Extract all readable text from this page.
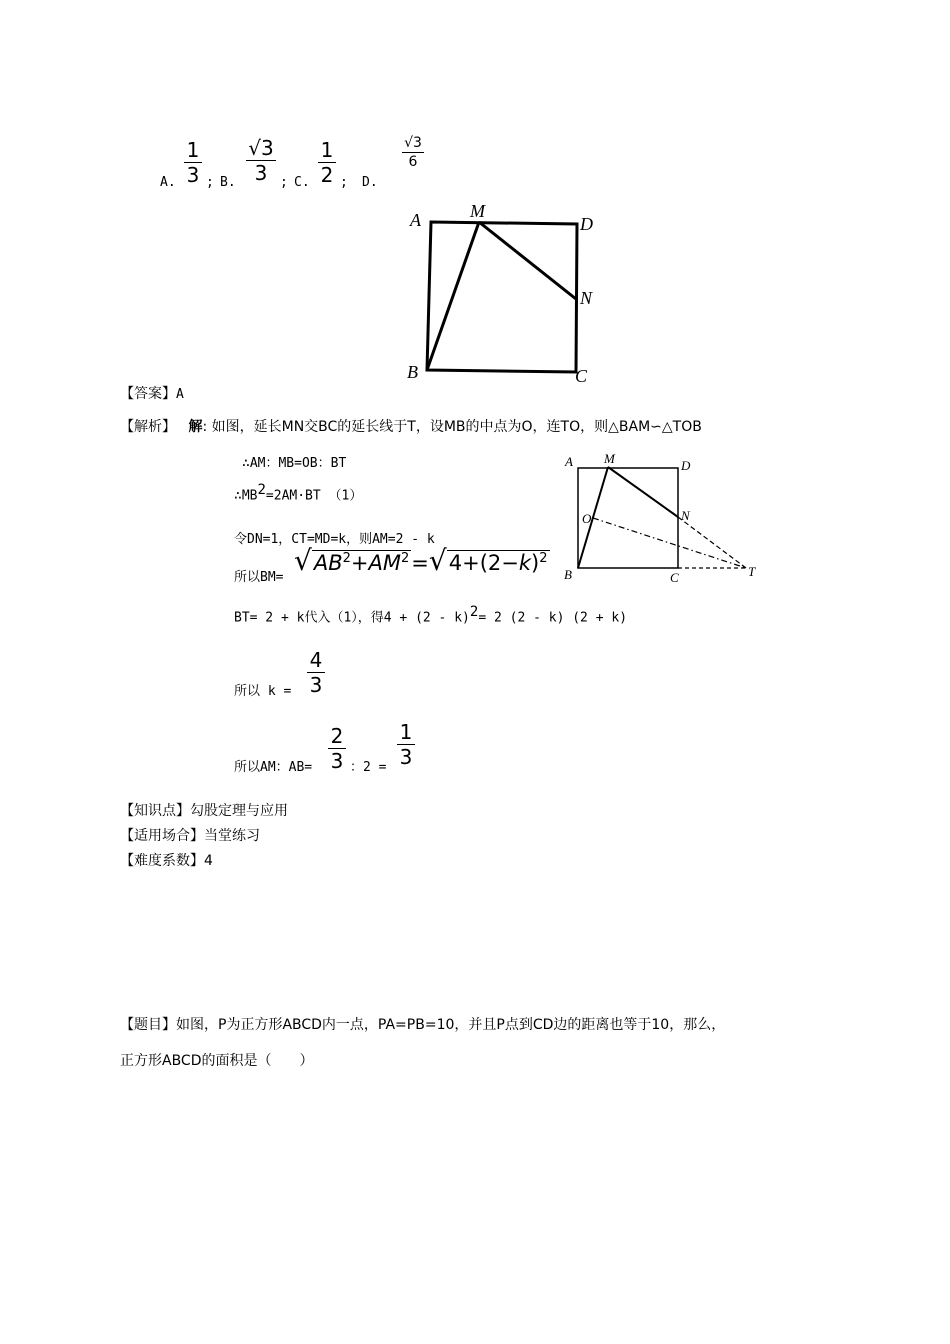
A.
1
3 ; B.
√3
3 ; C.
1
2 ; D.
√3
6
A	M
D
N
B	C
【答案】A
【解析】 解: 如图，延长MN交BC的延长线于T，设MB的中点为O，连TO，则△BAM∽△TOB
∴AM：MB=OB：BT
$\therefore MB^2=2AM\cdot BT$ （1）
令DN=1，CT=MD=k，则AM=2 - k
所以BM=
$√AB^2+AM^2=√4+(2-k)^2$
BT= 2 + k代入（1），得4 + (2 - k)$^2$= 2 (2 - k) (2 + k)
所以 k =
4
3
所以AM：AB=
2
3 ：2 =
1
3
A M	D
O	N
B	C	T
【知识点】勾股定理与应用
【适用场合】当堂练习
【难度系数】4
【题目】如图，P为正方形ABCD内一点，PA=PB=10，并且P点到CD边的距离也等于10，那么，
正方形ABCD的面积是（　　）
